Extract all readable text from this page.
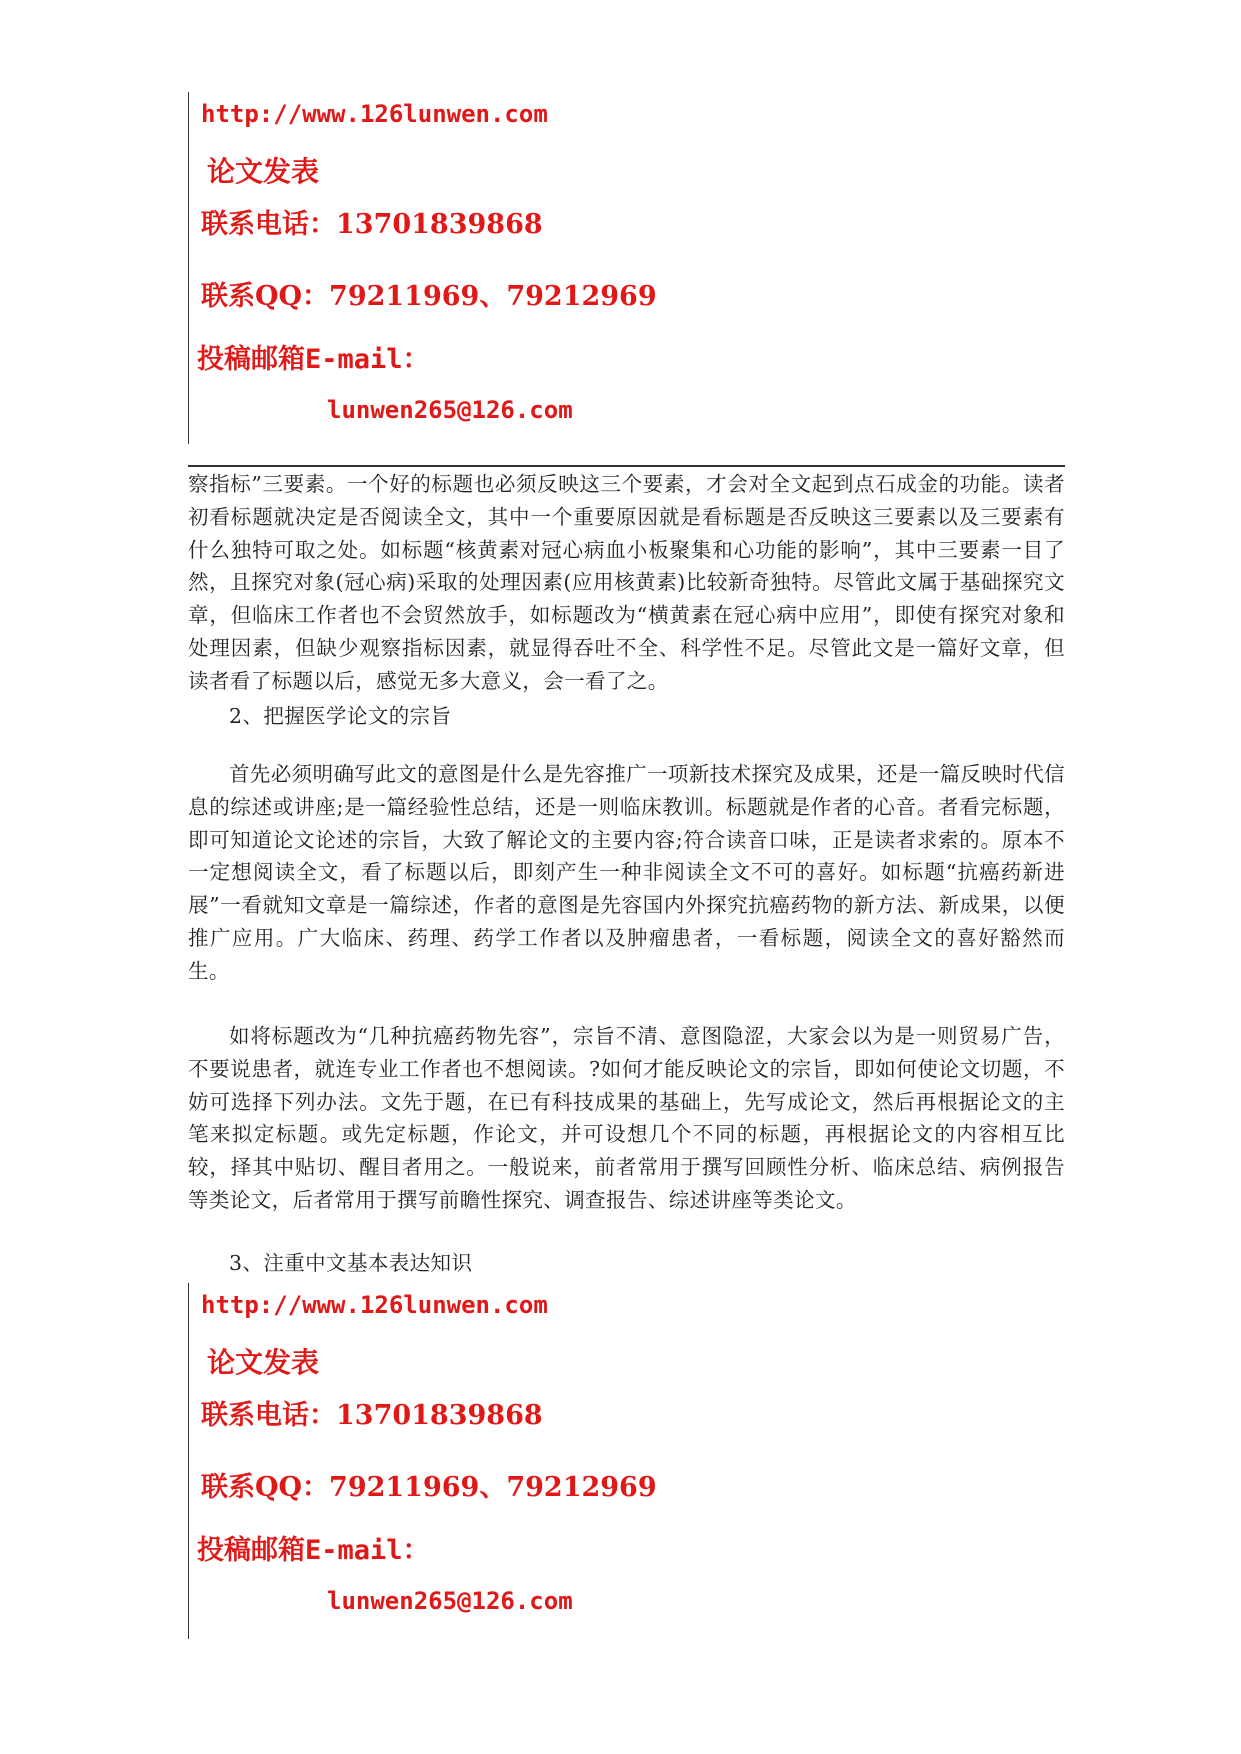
http://www.126lunwen.com
论文发表
联系电话：13701839868
联系QQ：79211969、79212969
投稿邮箱E-mail：
lunwen265@126.com

察指标”三要素。一个好的标题也必须反映这三个要素，才会对全文起到点石成金的功能。读者初看标题就决定是否阅读全文，其中一个重要原因就是看标题是否反映这三要素以及三要素有什么独特可取之处。如标题“核黄素对冠心病血小板聚集和心功能的影响”，其中三要素一目了然，且探究对象(冠心病)采取的处理因素(应用核黄素)比较新奇独特。尽管此文属于基础探究文章，但临床工作者也不会贸然放手，如标题改为“横黄素在冠心病中应用”，即使有探究对象和处理因素，但缺少观察指标因素，就显得吞吐不全、科学性不足。尽管此文是一篇好文章，但读者看了标题以后，感觉无多大意义，会一看了之。

2、把握医学论文的宗旨

首先必须明确写此文的意图是什么是先容推广一项新技术探究及成果，还是一篇反映时代信息的综述或讲座;是一篇经验性总结，还是一则临床教训。标题就是作者的心音。者看完标题，即可知道论文论述的宗旨，大致了解论文的主要内容;符合读音口味，正是读者求索的。原本不一定想阅读全文，看了标题以后，即刻产生一种非阅读全文不可的喜好。如标题“抗癌药新进展”一看就知文章是一篇综述，作者的意图是先容国内外探究抗癌药物的新方法、新成果，以便推广应用。广大临床、药理、药学工作者以及肿瘤患者，一看标题，阅读全文的喜好豁然而生。

如将标题改为“几种抗癌药物先容”，宗旨不清、意图隐涩，大家会以为是一则贸易广告，不要说患者，就连专业工作者也不想阅读。?如何才能反映论文的宗旨，即如何使论文切题，不妨可选择下列办法。文先于题，在已有科技成果的基础上，先写成论文，然后再根据论文的主笔来拟定标题。或先定标题，作论文，并可设想几个不同的标题，再根据论文的内容相互比较，择其中贴切、醒目者用之。一般说来，前者常用于撰写回顾性分析、临床总结、病例报告等类论文，后者常用于撰写前瞻性探究、调查报告、综述讲座等类论文。

3、注重中文基本表达知识

http://www.126lunwen.com
论文发表
联系电话：13701839868
联系QQ：79211969、79212969
投稿邮箱E-mail：
lunwen265@126.com
